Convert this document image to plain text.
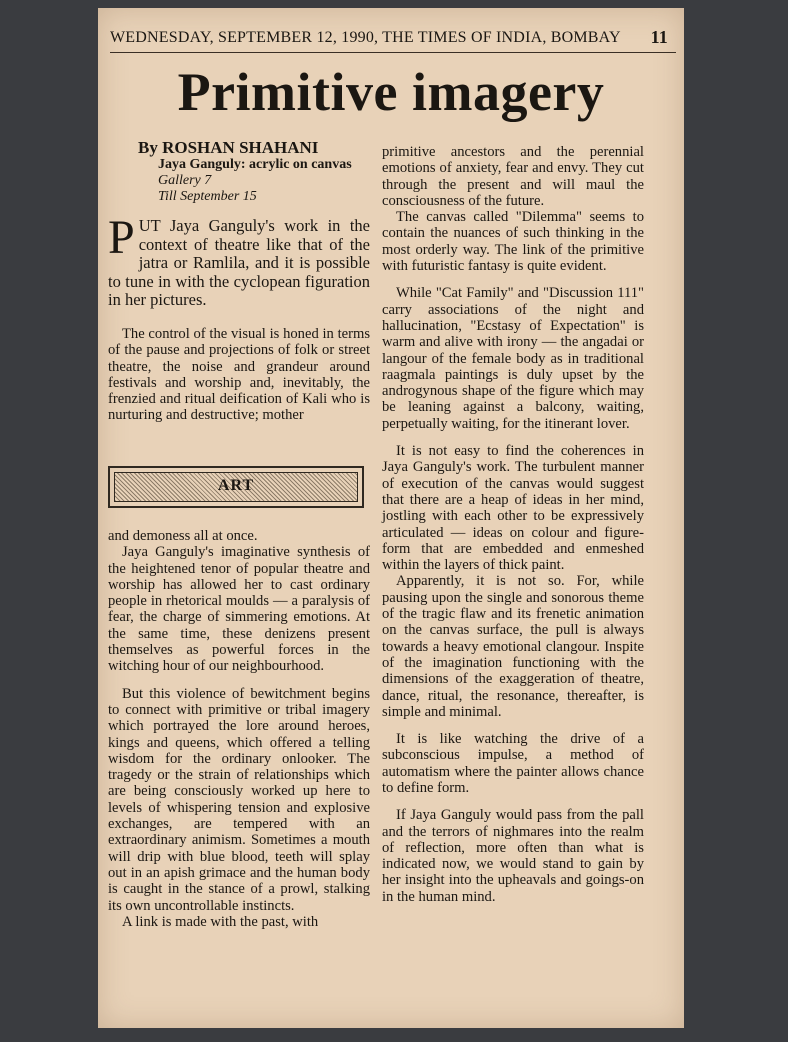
WEDNESDAY, SEPTEMBER 12, 1990, THE TIMES OF INDIA, BOMBAY 11
Primitive imagery
By ROSHAN SHAHANI
Jaya Ganguly: acrylic on canvas
Gallery 7
Till September 15
PUT Jaya Ganguly's work in the context of theatre like that of the jatra or Ramlila, and it is possible to tune in with the cyclopean figuration in her pictures.

The control of the visual is honed in terms of the pause and projections of folk or street theatre, the noise and grandeur around festivals and worship and, inevitably, the frenzied and ritual deification of Kali who is nurturing and destructive; mother

ART

and demoness all at once.

Jaya Ganguly's imaginative synthesis of the heightened tenor of popular theatre and worship has allowed her to cast ordinary people in rhetorical moulds — a paralysis of fear, the charge of simmering emotions. At the same time, these denizens present themselves as powerful forces in the witching hour of our neighbourhood.

But this violence of bewitchment begins to connect with primitive or tribal imagery which portrayed the lore around heroes, kings and queens, which offered a telling wisdom for the ordinary onlooker. The tragedy or the strain of relationships which are being consciously worked up here to levels of whispering tension and explosive exchanges, are tempered with an extraordinary animism. Sometimes a mouth will drip with blue blood, teeth will splay out in an apish grimace and the human body is caught in the stance of a prowl, stalking its own uncontrollable instincts.

A link is made with the past, with

primitive ancestors and the perennial emotions of anxiety, fear and envy. They cut through the present and will maul the consciousness of the future.

The canvas called "Dilemma" seems to contain the nuances of such thinking in the most orderly way. The link of the primitive with futuristic fantasy is quite evident.

While "Cat Family" and "Discussion 111" carry associations of the night and hallucination, "Ecstasy of Expectation" is warm and alive with irony — the angadai or langour of the female body as in traditional raagmala paintings is duly upset by the androgynous shape of the figure which may be leaning against a balcony, waiting, perpetually waiting, for the itinerant lover.

It is not easy to find the coherences in Jaya Ganguly's work. The turbulent manner of execution of the canvas would suggest that there are a heap of ideas in her mind, jostling with each other to be expressively articulated — ideas on colour and figure-form that are embedded and enmeshed within the layers of thick paint.

Apparently, it is not so. For, while pausing upon the single and sonorous theme of the tragic flaw and its frenetic animation on the canvas surface, the pull is always towards a heavy emotional clangour. Inspite of the imagination functioning with the dimensions of the exaggeration of theatre, dance, ritual, the resonance, thereafter, is simple and minimal.

It is like watching the drive of a subconscious impulse, a method of automatism where the painter allows chance to define form.

If Jaya Ganguly would pass from the pall and the terrors of nighmares into the realm of reflection, more often than what is indicated now, we would stand to gain by her insight into the upheavals and goings-on in the human mind.
